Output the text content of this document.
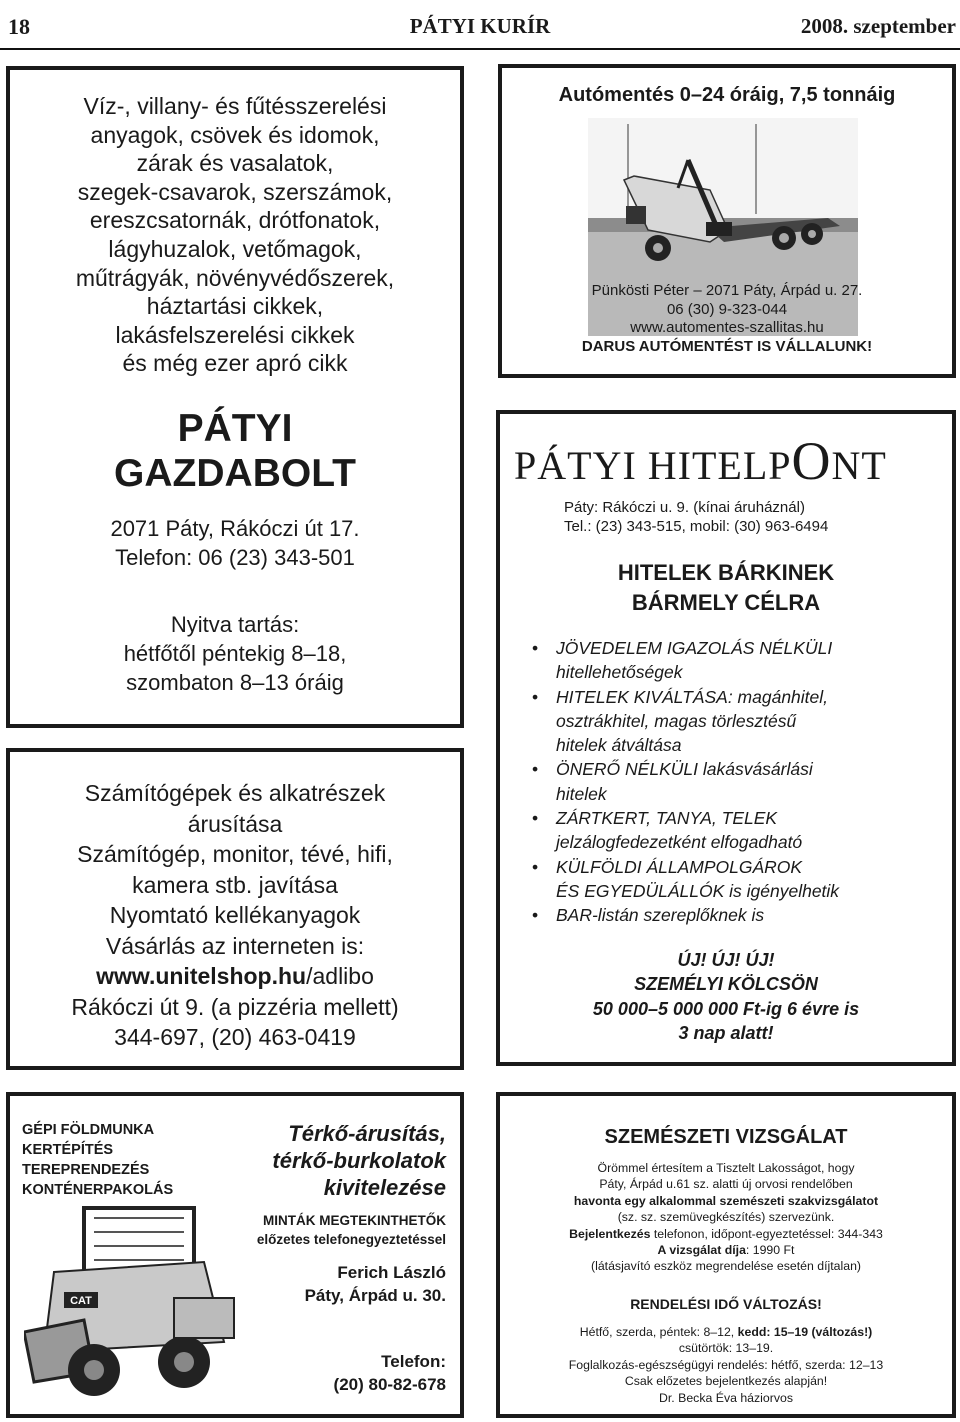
18	PÁTYI KURÍR	2008. szeptember
Víz-, villany- és fűtésszerelési
anyagok, csövek és idomok,
zárak és vasalatok,
szegek-csavarok, szerszámok,
ereszcsatornák, drótfonatok,
lágyhuzalok, vetőmagok,
műtrágyák, növényvédőszerek,
háztartási cikkek,
lakásfelszerelési cikkek
és még ezer apró cikk
PÁTYI
GAZDABOLT
2071 Páty, Rákóczi út 17.
Telefon: 06 (23) 343-501
Nyitva tartás:
hétfőtől péntekig 8–18,
szombaton 8–13 óráig
Számítógépek és alkatrészek
árusítása
Számítógép, monitor, tévé, hifi,
kamera stb. javítása
Nyomtató kellékanyagok
Vásárlás az interneten is:
www.unitelshop.hu/adlibo
Rákóczi út 9. (a pizzéria mellett)
344-697, (20) 463-0419
Autómentés 0–24 óráig, 7,5 tonnáig
Pünkösti Péter – 2071 Páty, Árpád u. 27.
06 (30) 9-323-044
www.automentes-szallitas.hu
DARUS AUTÓMENTÉST IS VÁLLALUNK!
PÁTYI HITELPONT
Páty: Rákóczi u. 9. (kínai áruháznál)
Tel.: (23) 343-515, mobil: (30) 963-6494
HITELEK BÁRKINEK
BÁRMELY CÉLRA
• JÖVEDELEM IGAZOLÁS NÉLKÜLI
hitellehetőségek
• HITELEK KIVÁLTÁSA: magánhitel,
osztrákhitel, magas törlesztésű
hitelek átváltása
• ÖNERŐ NÉLKÜLI lakásvásárlási
hitelek
• ZÁRTKERT, TANYA, TELEK
jelzálogfedezetként elfogadható
• KÜLFÖLDI ÁLLAMPOLGÁROK
ÉS EGYEDÜLÁLLÓK is igényelhetik
• BAR-listán szereplőknek is
ÚJ! ÚJ! ÚJ!
SZEMÉLYI KÖLCSÖN
50 000–5 000 000 Ft-ig 6 évre is
3 nap alatt!
GÉPI FÖLDMUNKA
KERTÉPÍTÉS
TEREPRENDEZÉS
KONTÉNERPAKOLÁS
Térkő-árusítás,
térkő-burkolatok
kivitelezése
MINTÁK MEGTEKINTHETŐK
előzetes telefonegyeztetéssel
Ferich László
Páty, Árpád u. 30.
CAT
Telefon:
(20) 80-82-678
SZEMÉSZETI VIZSGÁLAT
Örömmel értesítem a Tisztelt Lakosságot, hogy
Páty, Árpád u.61 sz. alatti új orvosi rendelőben
havonta egy alkalommal szemészeti szakvizsgálatot
(sz. sz. szemüvegkészítés) szervezünk.
Bejelentkezés telefonon, időpont-egyeztetéssel: 344-343
A vizsgálat díja: 1990 Ft
(látásjavító eszköz megrendelése esetén díjtalan)
RENDELÉSI IDŐ VÁLTOZÁS!
Hétfő, szerda, péntek: 8–12, kedd: 15–19 (változás!)
csütörtök: 13–19.
Foglalkozás-egészségügyi rendelés: hétfő, szerda: 12–13
Csak előzetes bejelentkezés alapján!
Dr. Becka Éva háziorvos
